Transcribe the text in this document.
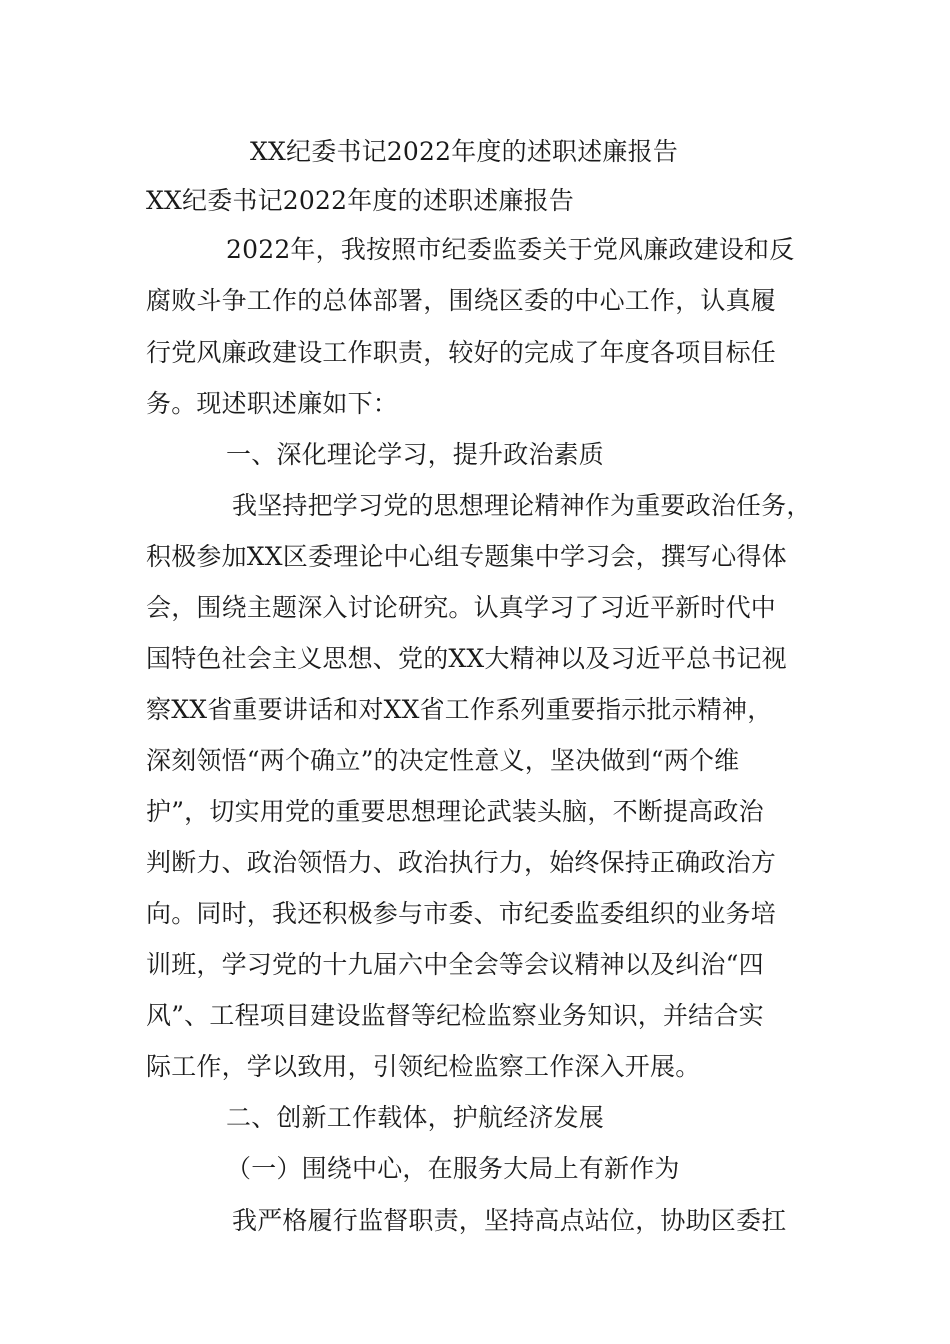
XX纪委书记2022年度的述职述廉报告
XX纪委书记2022年度的述职述廉报告
2022年，我按照市纪委监委关于党风廉政建设和反
腐败斗争工作的总体部署，围绕区委的中心工作，认真履
行党风廉政建设工作职责，较好的完成了年度各项目标任
务。现述职述廉如下：
一、深化理论学习，提升政治素质
我坚持把学习党的思想理论精神作为重要政治任务，
积极参加XX区委理论中心组专题集中学习会，撰写心得体
会，围绕主题深入讨论研究。认真学习了习近平新时代中
国特色社会主义思想、党的XX大精神以及习近平总书记视
察XX省重要讲话和对XX省工作系列重要指示批示精神，
深刻领悟“两个确立”的决定性意义，坚决做到“两个维
护”，切实用党的重要思想理论武装头脑，不断提高政治
判断力、政治领悟力、政治执行力，始终保持正确政治方
向。同时，我还积极参与市委、市纪委监委组织的业务培
训班，学习党的十九届六中全会等会议精神以及纠治“四
风”、工程项目建设监督等纪检监察业务知识，并结合实
际工作，学以致用，引领纪检监察工作深入开展。
二、创新工作载体，护航经济发展
（一）围绕中心，在服务大局上有新作为
我严格履行监督职责，坚持高点站位，协助区委扛
